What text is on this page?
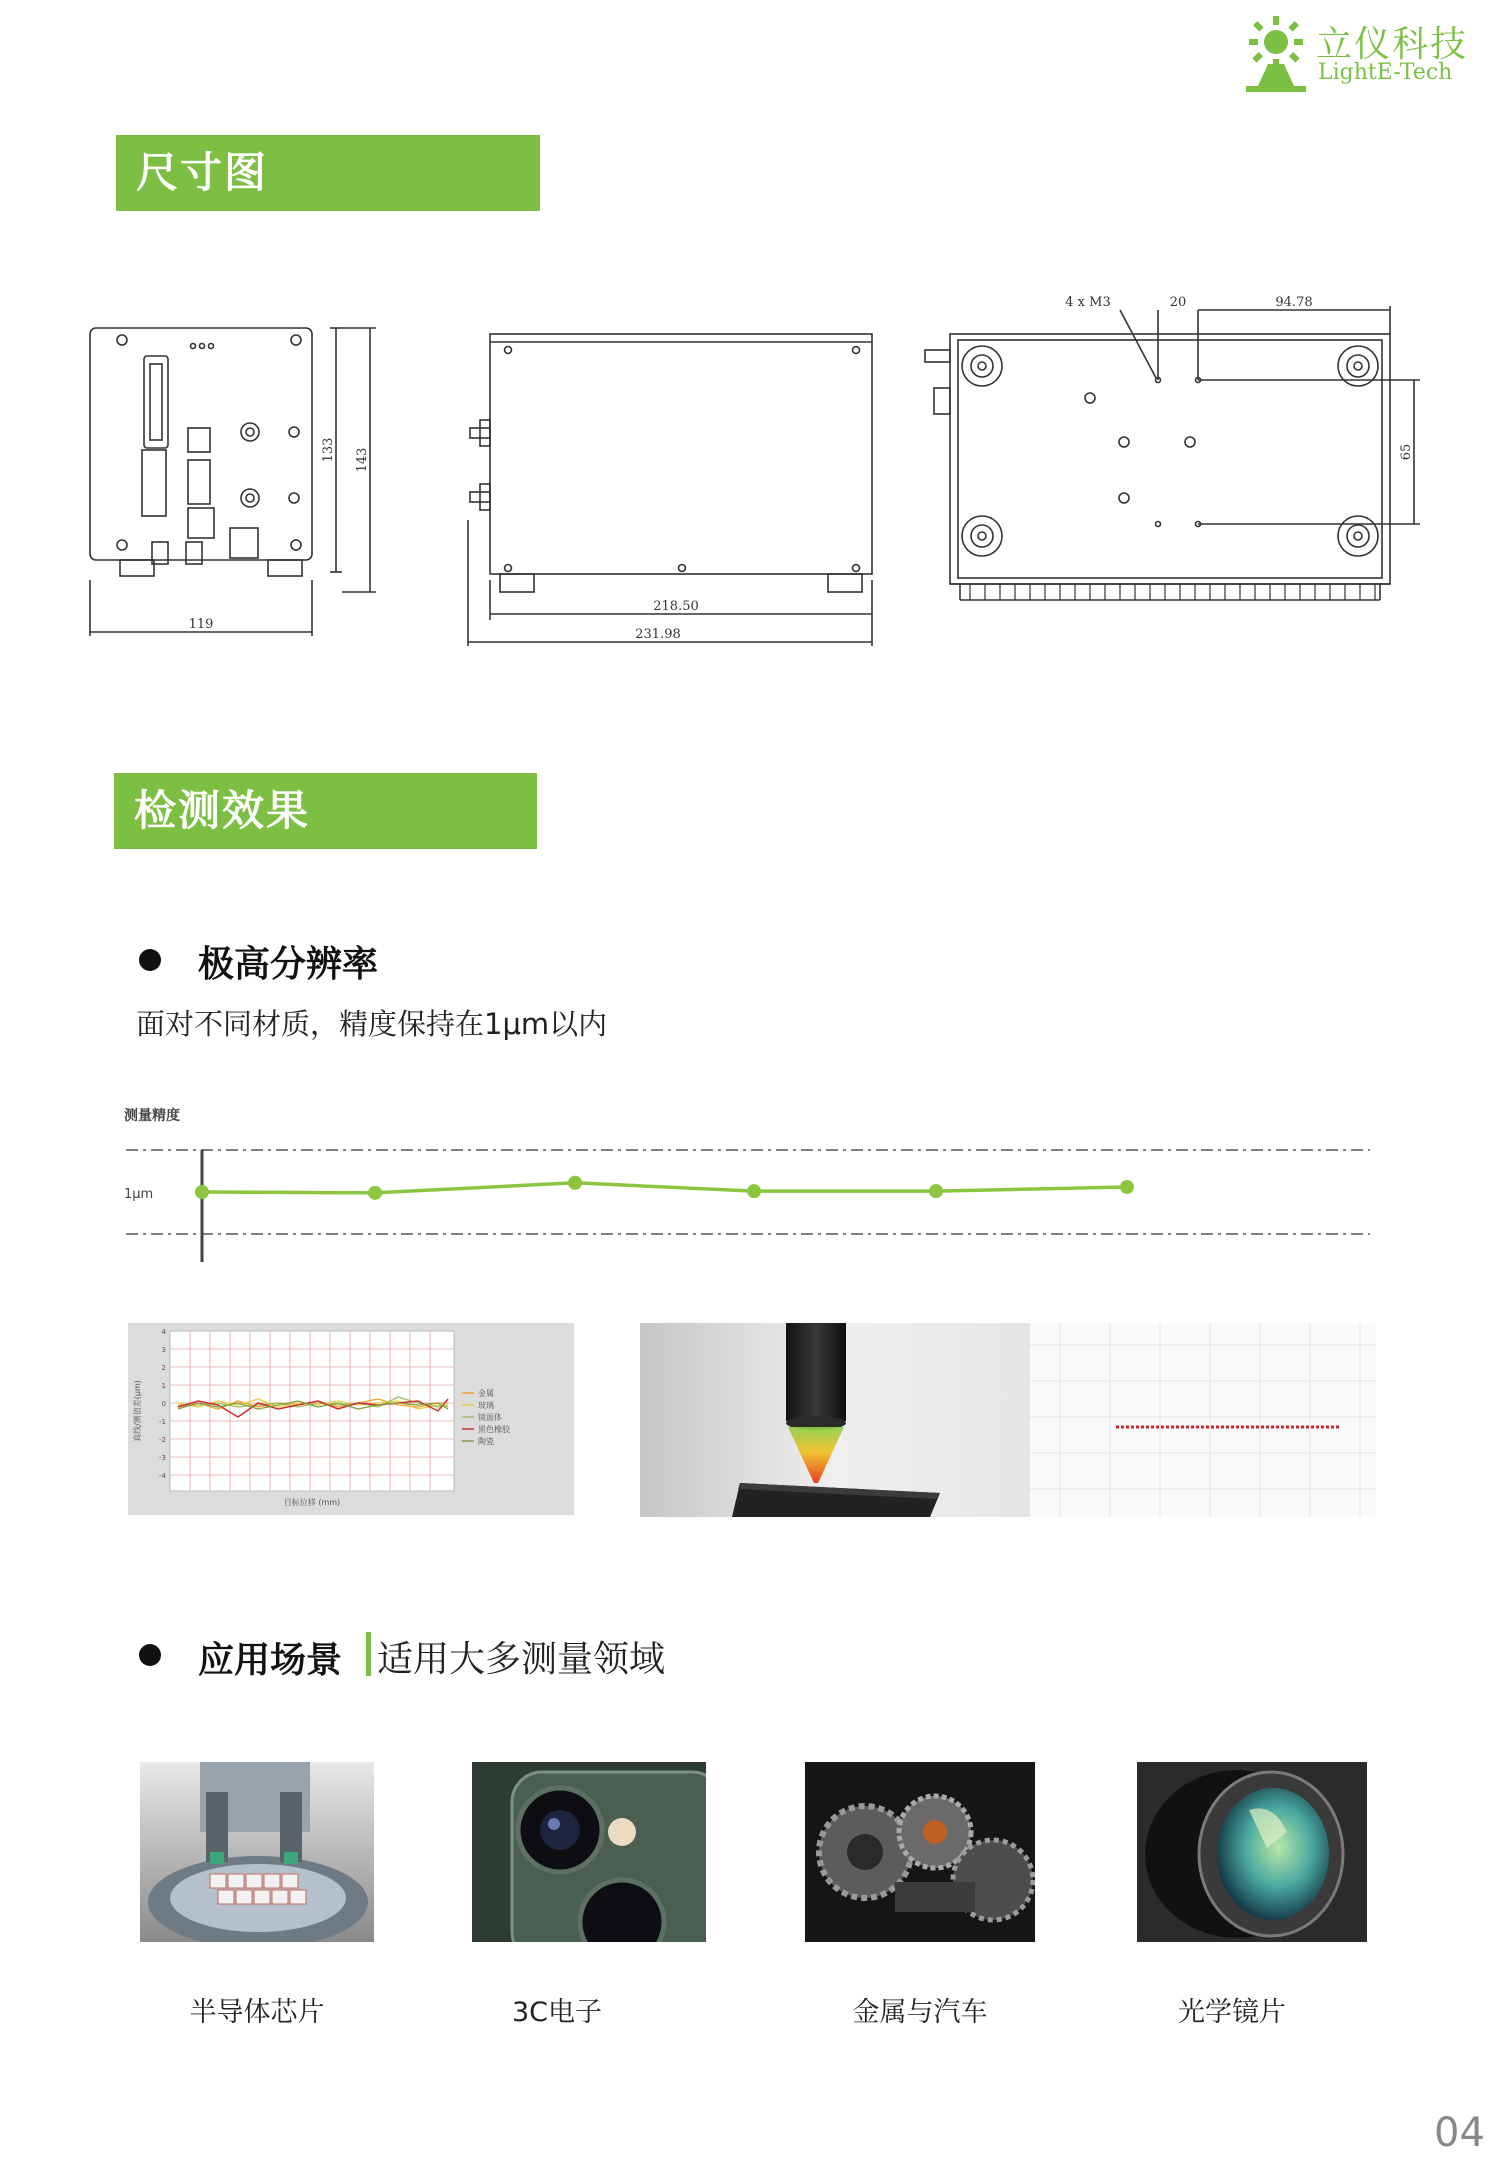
立仪科技
LightE-Tech
尺寸图
119
133 143
218.50
231.98
4 x M3	20	94.78
65
检测效果
极高分辨率
面对不同材质，精度保持在1μm以内
测量精度
1μm
4
3
2
1
0
-1
-2
-3
-4
真线/测值差(μm)
目标位移 (mm)
金属
玻璃
镜面体
黑色橡胶
陶瓷
应用场景 适用大多测量领域
半导体芯片	3C电子	金属与汽车	光学镜片
04
